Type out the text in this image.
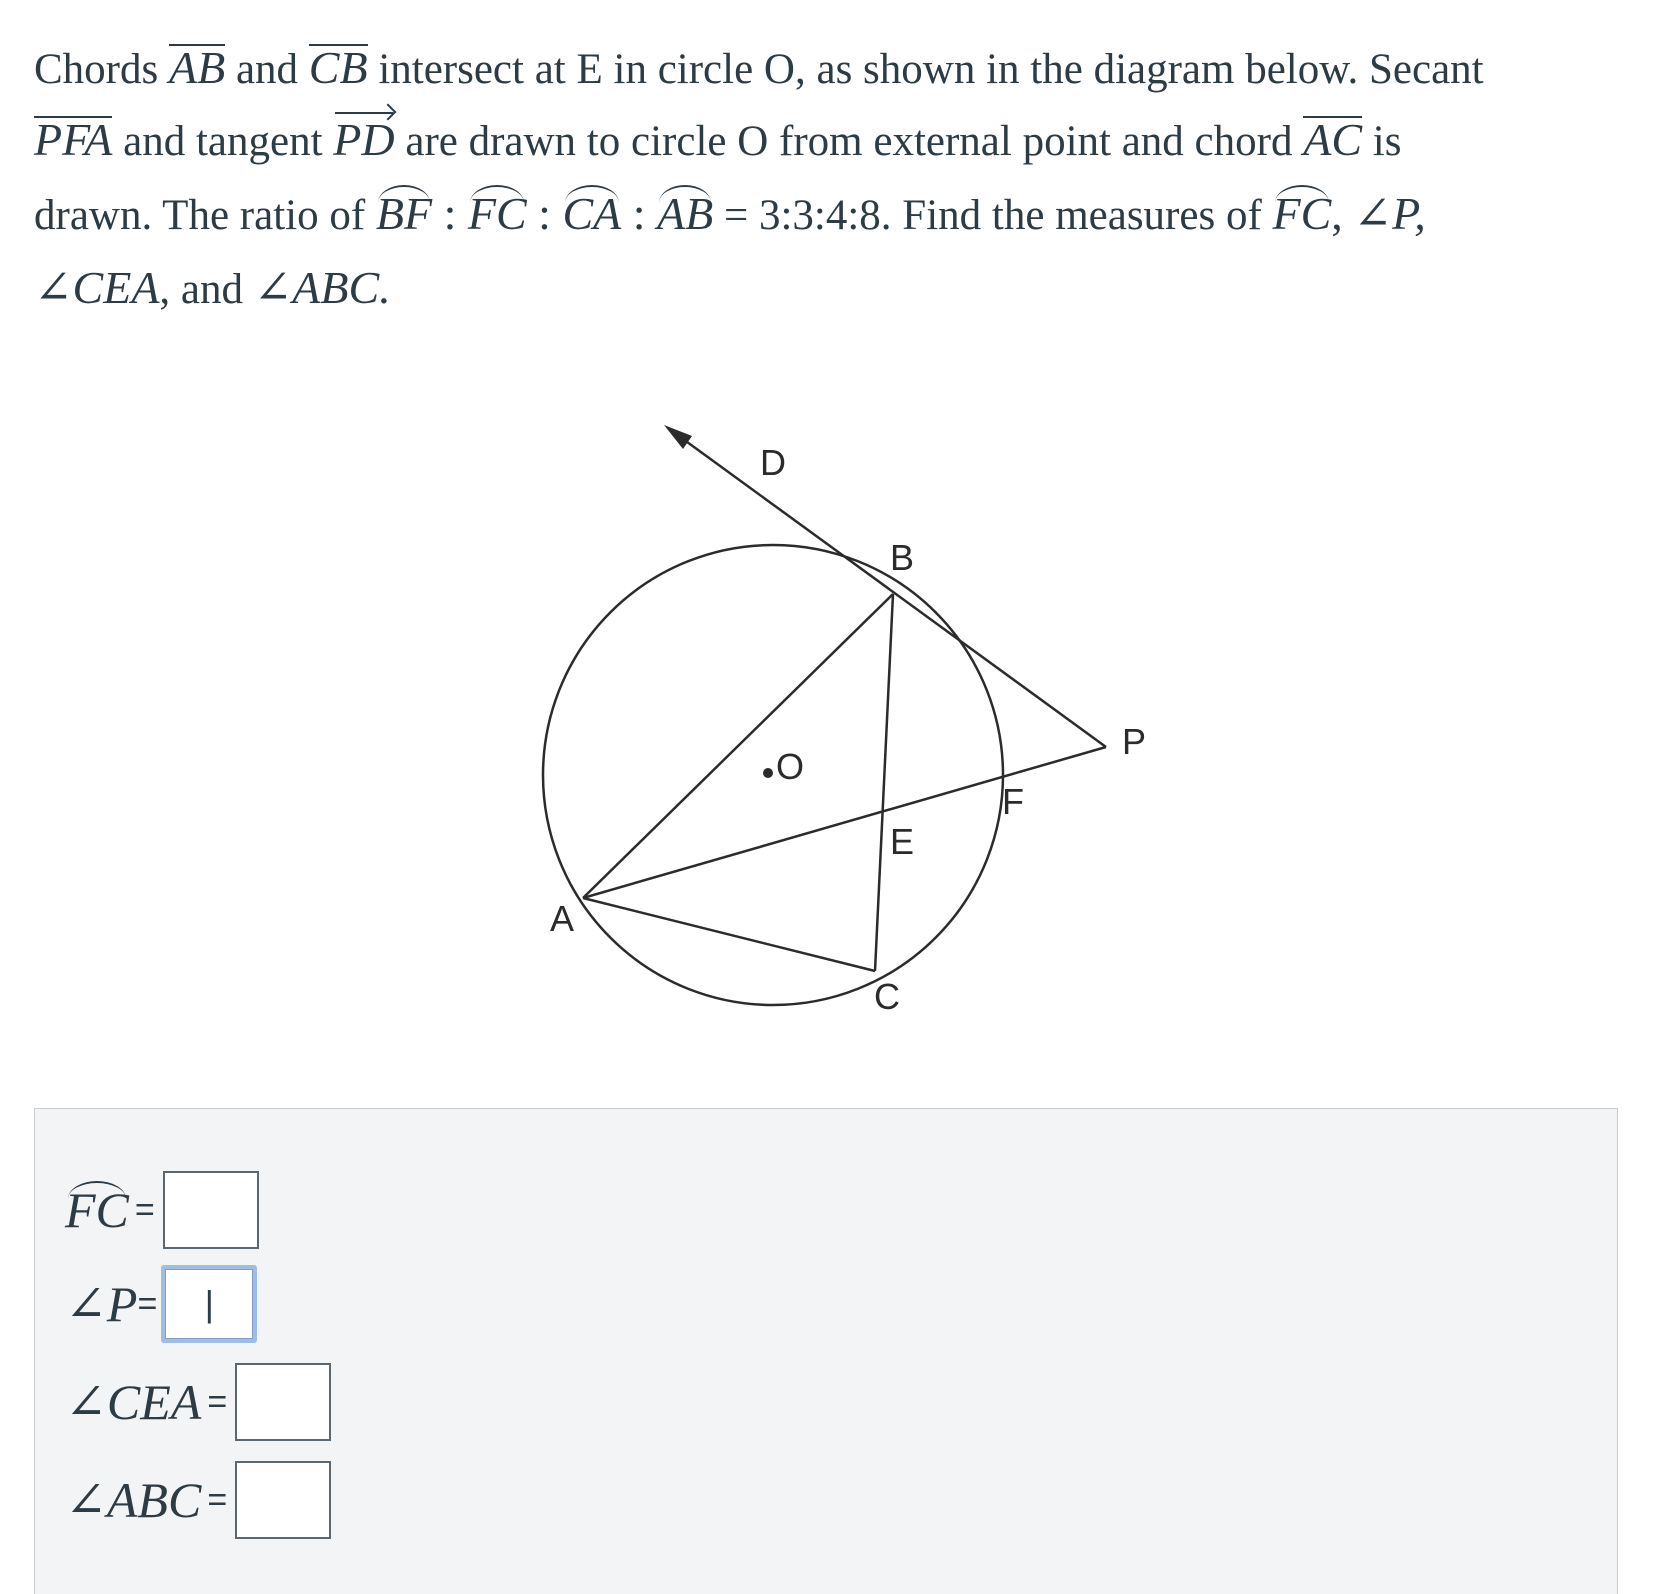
Chords AB and CB intersect at E in circle O, as shown in the diagram below. Secant
PFA and tangent PD are drawn to circle O from external point and chord AC is
drawn. The ratio of BF : FC : CA : AB = 3:3:4:8. Find the measures of FC, ∠P,
∠CEA, and ∠ABC.
D
B
P
O
F
E
A
C
FC =
∠P =	|
∠CEA =
∠ABC =
